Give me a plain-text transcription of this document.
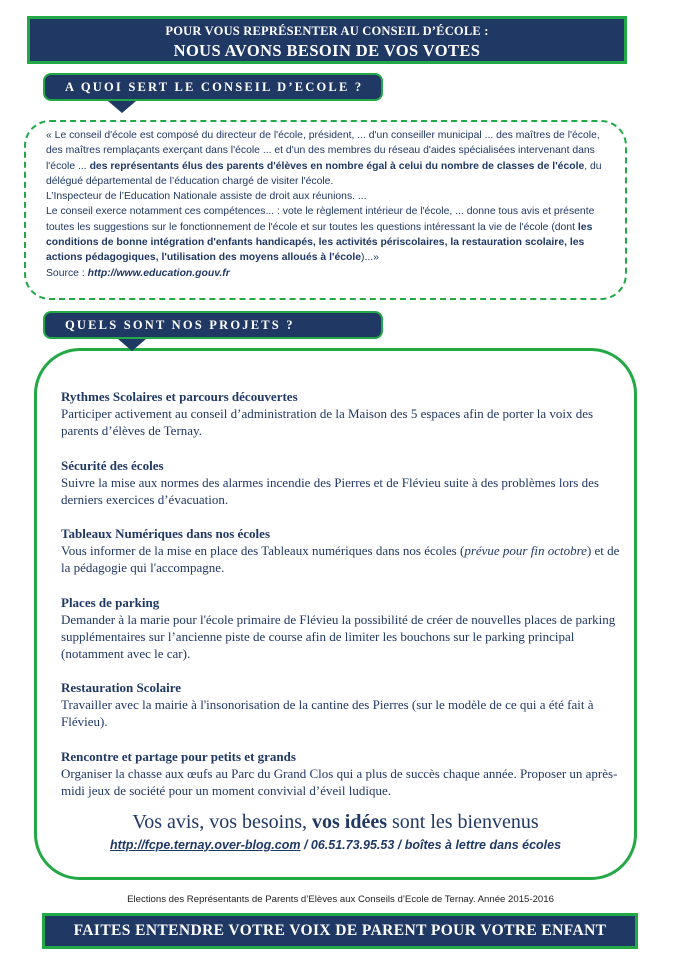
POUR VOUS REPRÉSENTER AU CONSEIL D’ÉCOLE :
NOUS AVONS BESOIN DE VOS VOTES
A QUOI SERT LE CONSEIL D’ECOLE ?
« Le conseil d'école est composé du directeur de l'école, président, ... d'un conseiller municipal ... des maîtres de l'école, des maîtres remplaçants exerçant dans l'école ... et d'un des membres du réseau d'aides spécialisées intervenant dans l'école ... des représentants élus des parents d'élèves en nombre égal à celui du nombre de classes de l'école, du délégué départemental de l’éducation chargé de visiter l'école.
L’Inspecteur de l’Education Nationale assiste de droit aux réunions. ...
Le conseil exerce notamment ces compétences... : vote le règlement intérieur de l'école, ... donne tous avis et présente toutes les suggestions sur le fonctionnement de l'école et sur toutes les questions intéressant la vie de l'école (dont les conditions de bonne intégration d'enfants handicapés, les activités périscolaires, la restauration scolaire, les actions pédagogiques, l'utilisation des moyens alloués à l'école)...»
Source : http://www.education.gouv.fr
QUELS SONT NOS PROJETS ?
Rythmes Scolaires et parcours découvertes
Participer activement au conseil d’administration de la Maison des 5 espaces afin de porter la voix des parents d’élèves de Ternay.
Sécurité des écoles
Suivre la mise aux normes des alarmes incendie des Pierres et de Flévieu suite à des problèmes lors des derniers exercices d’évacuation.
Tableaux Numériques dans nos écoles
Vous informer de la mise en place des Tableaux numériques dans nos écoles (prévue pour fin octobre) et de la pédagogie qui l'accompagne.
Places de parking
Demander à la marie pour l'école primaire de Flévieu la possibilité de créer de nouvelles places de parking supplémentaires sur l’ancienne piste de course afin de limiter les bouchons sur le parking principal (notamment avec le car).
Restauration Scolaire
Travailler avec la mairie à l'insonorisation de la cantine des Pierres (sur le modèle de ce qui a été fait à Flévieu).
Rencontre et partage pour petits et grands
Organiser la chasse aux œufs au Parc du Grand Clos qui a plus de succès chaque année. Proposer un après-midi jeux de société pour un moment convivial d’éveil ludique.
Vos avis, vos besoins, vos idées sont les bienvenus
http://fcpe.ternay.over-blog.com / 06.51.73.95.53 / boîtes à lettre dans écoles
Elections des Représentants de Parents d’Elèves aux Conseils d’Ecole de Ternay. Année 2015-2016
FAITES ENTENDRE VOTRE VOIX DE PARENT POUR VOTRE ENFANT
